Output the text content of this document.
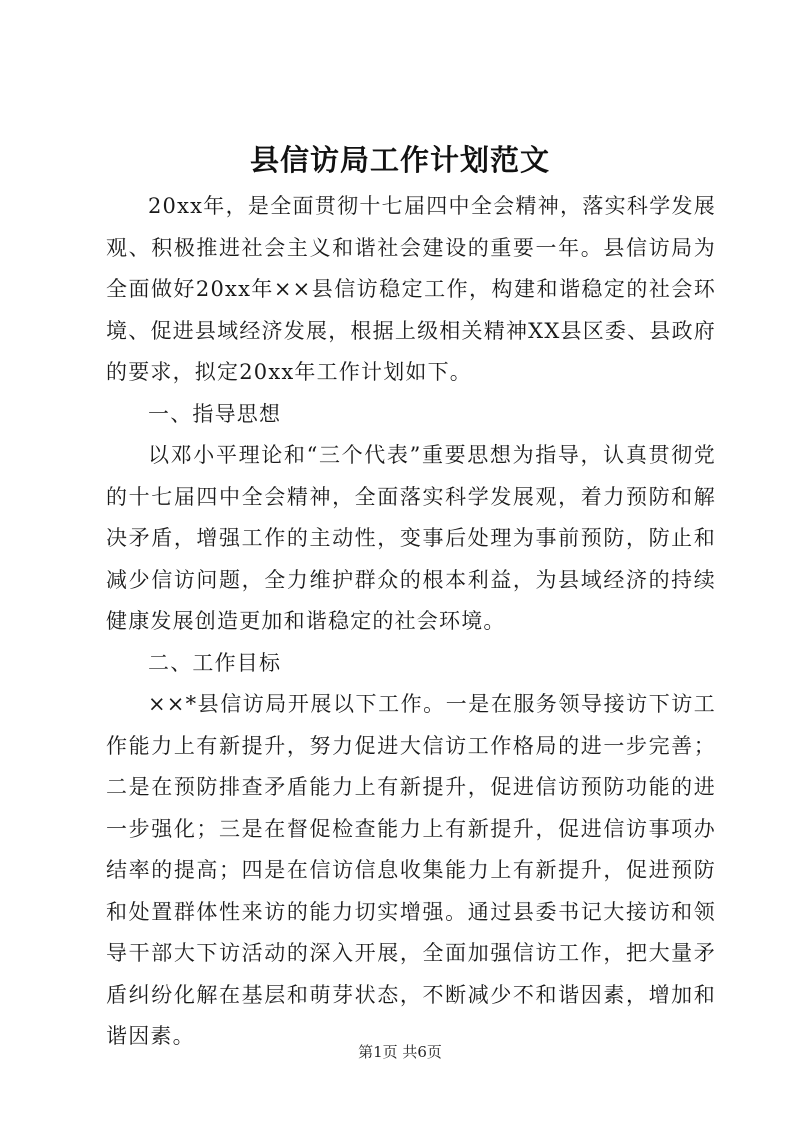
县信访局工作计划范文

20xx年，是全面贯彻十七届四中全会精神，落实科学发展观、积极推进社会主义和谐社会建设的重要一年。县信访局为全面做好20xx年××县信访稳定工作，构建和谐稳定的社会环境、促进县域经济发展，根据上级相关精神XX县区委、县政府的要求，拟定20xx年工作计划如下。

一、指导思想

以邓小平理论和“三个代表”重要思想为指导，认真贯彻党的十七届四中全会精神，全面落实科学发展观，着力预防和解决矛盾，增强工作的主动性，变事后处理为事前预防，防止和减少信访问题，全力维护群众的根本利益，为县域经济的持续健康发展创造更加和谐稳定的社会环境。

二、工作目标

××*县信访局开展以下工作。一是在服务领导接访下访工作能力上有新提升，努力促进大信访工作格局的进一步完善；二是在预防排查矛盾能力上有新提升，促进信访预防功能的进一步强化；三是在督促检查能力上有新提升，促进信访事项办结率的提高；四是在信访信息收集能力上有新提升，促进预防和处置群体性来访的能力切实增强。通过县委书记大接访和领导干部大下访活动的深入开展，全面加强信访工作，把大量矛盾纠纷化解在基层和萌芽状态，不断减少不和谐因素，增加和谐因素。

第1页 共6页
